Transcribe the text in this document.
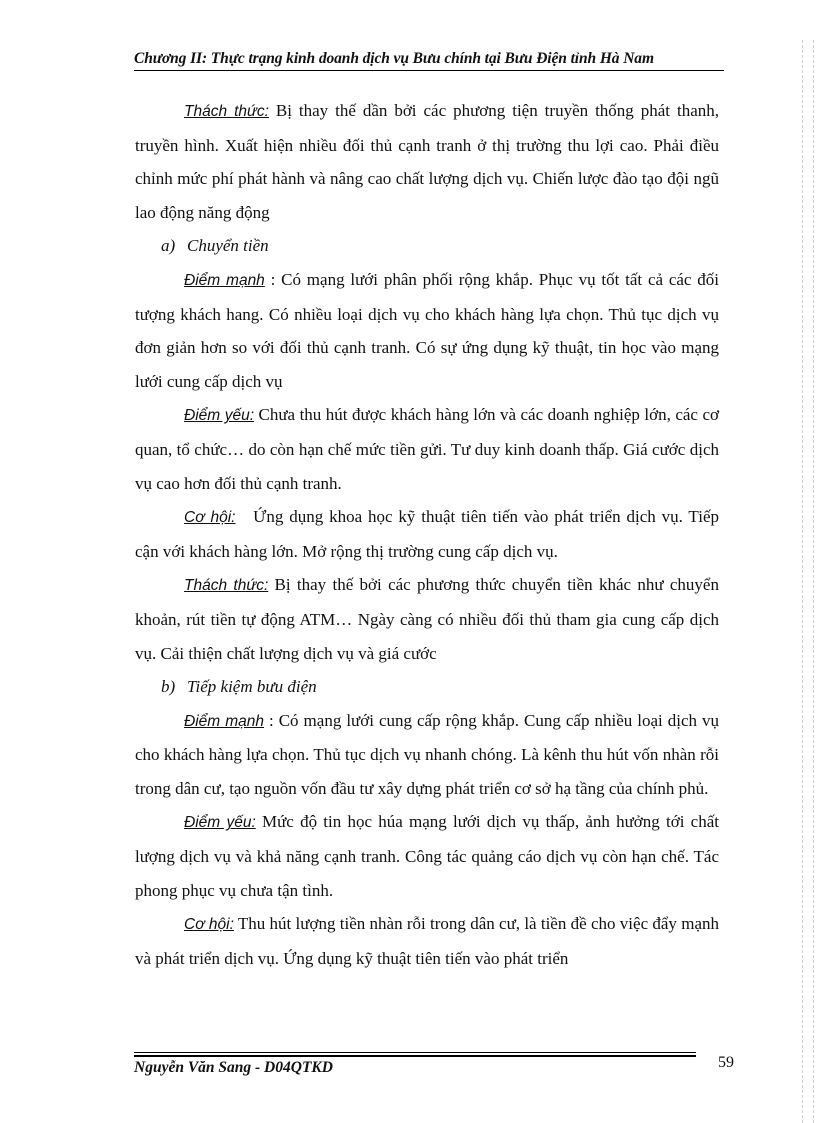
Chương II: Thực trạng kinh doanh dịch vụ Bưu chính tại Bưu Điện tỉnh Hà Nam

Thách thức: Bị thay thế dần bởi các phương tiện truyền thống phát thanh, truyền hình. Xuất hiện nhiều đối thủ cạnh tranh ở thị trường thu lợi cao. Phải điều chỉnh mức phí phát hành và nâng cao chất lượng dịch vụ. Chiến lược đào tạo đội ngũ lao động năng động

a) Chuyển tiền

Điểm mạnh : Có mạng lưới phân phối rộng khắp. Phục vụ tốt tất cả các đối tượng khách hang. Có nhiều loại dịch vụ cho khách hàng lựa chọn. Thủ tục dịch vụ đơn giản hơn so với đối thủ cạnh tranh. Có sự ứng dụng kỹ thuật, tin học vào mạng lưới cung cấp dịch vụ

Điểm yếu: Chưa thu hút được khách hàng lớn và các doanh nghiệp lớn, các cơ quan, tổ chức… do còn hạn chế mức tiền gửi. Tư duy kinh doanh thấp. Giá cước dịch vụ cao hơn đối thủ cạnh tranh.

Cơ hội:   Ứng dụng khoa học kỹ thuật tiên tiến vào phát triển dịch vụ. Tiếp cận với khách hàng lớn. Mở rộng thị trường cung cấp dịch vụ.

Thách thức: Bị thay thế bởi các phương thức chuyển tiền khác như chuyển khoản, rút tiền tự động ATM… Ngày càng có nhiều đối thủ tham gia cung cấp dịch vụ. Cải thiện chất lượng dịch vụ và giá cước

b) Tiếp kiệm bưu điện

Điểm mạnh : Có mạng lưới cung cấp rộng khắp. Cung cấp nhiều loại dịch vụ cho khách hàng lựa chọn. Thủ tục dịch vụ nhanh chóng. Là kênh thu hút vốn nhàn rỗi trong dân cư, tạo nguồn vốn đầu tư xây dựng phát triển cơ sở hạ tầng của chính phủ.

Điểm yếu: Mức độ tin học húa mạng lưới dịch vụ thấp, ảnh hưởng tới chất lượng dịch vụ và khả năng cạnh tranh. Công tác quảng cáo dịch vụ còn hạn chế. Tác phong phục vụ chưa tận tình.

Cơ hội: Thu hút lượng tiền nhàn rỗi trong dân cư, là tiền đề cho việc đẩy mạnh và phát triển dịch vụ. Ứng dụng kỹ thuật tiên tiến vào phát triển

Nguyễn Văn Sang - D04QTKD	59
